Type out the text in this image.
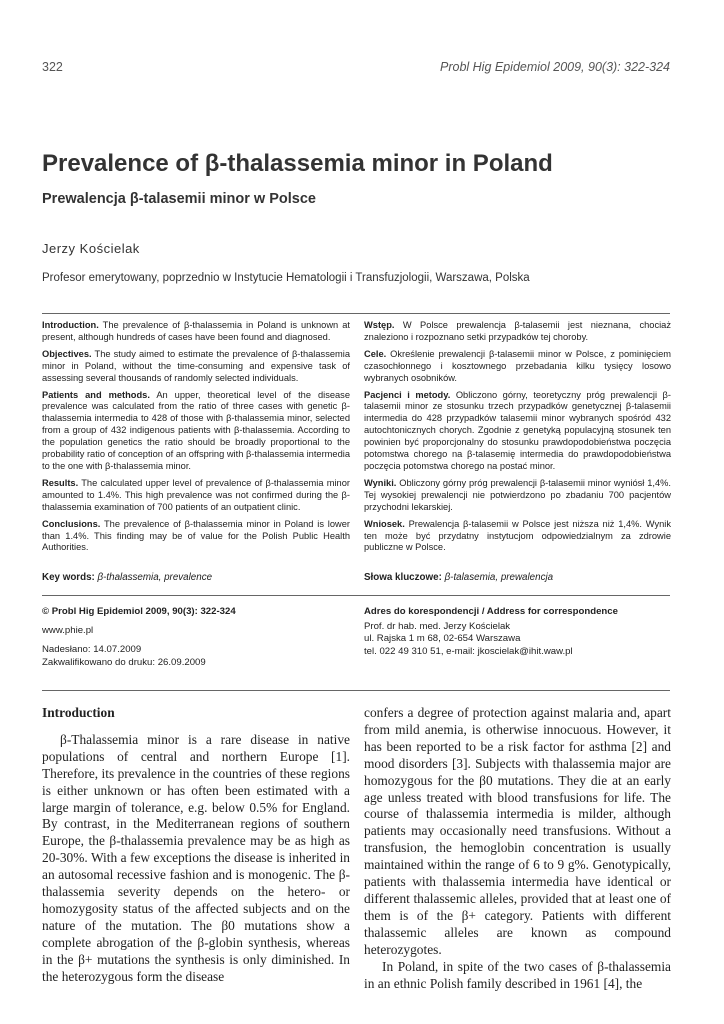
322	Probl Hig Epidemiol 2009, 90(3): 322-324
Prevalence of β-thalassemia minor in Poland
Prewalencja β-talasemii minor w Polsce
Jerzy Kościelak
Profesor emerytowany, poprzednio w Instytucie Hematologii i Transfuzjologii, Warszawa, Polska

Introduction. The prevalence of β-thalassemia in Poland is unknown at present, although hundreds of cases have been found and diagnosed.

Objectives. The study aimed to estimate the prevalence of β-thalassemia minor in Poland, without the time-consuming and expensive task of assessing several thousands of randomly selected individuals.

Patients and methods. An upper, theoretical level of the disease prevalence was calculated from the ratio of three cases with genetic β-thalassemia intermedia to 428 of those with β-thalassemia minor, selected from a group of 432 indigenous patients with β-thalassemia. According to the population genetics the ratio should be broadly proportional to the probability ratio of conception of an offspring with β-thalassemia intermedia to the one with β-thalassemia minor.

Results. The calculated upper level of prevalence of β-thalassemia minor amounted to 1.4%. This high prevalence was not confirmed during the β-thalassemia examination of 700 patients of an outpatient clinic.

Conclusions. The prevalence of β-thalassemia minor in Poland is lower than 1.4%. This finding may be of value for the Polish Public Health Authorities.

Key words: β-thalassemia, prevalence

Wstęp. W Polsce prewalencja β-talasemii jest nieznana, chociaż znaleziono i rozpoznano setki przypadków tej choroby.

Cele. Określenie prewalencji β-talasemii minor w Polsce, z pominięciem czasochłonnego i kosztownego przebadania kilku tysięcy losowo wybranych osobników.

Pacjenci i metody. Obliczono górny, teoretyczny próg prewalencji β-talasemii minor ze stosunku trzech przypadków genetycznej β-talasemii intermedia do 428 przypadków talasemii minor wybranych spośród 432 autochtonicznych chorych. Zgodnie z genetyką populacyjną stosunek ten powinien być proporcjonalny do stosunku prawdopodobieństwa poczęcia potomstwa chorego na β-talasemię intermedia do prawdopodobieństwa poczęcia potomstwa chorego na postać minor.

Wyniki. Obliczony górny próg prewalencji β-talasemii minor wyniósł 1,4%. Tej wysokiej prewalencji nie potwierdzono po zbadaniu 700 pacjentów przychodni lekarskiej.

Wniosek. Prewalencja β-talasemii w Polsce jest niższa niż 1,4%. Wynik ten może być przydatny instytucjom odpowiedzialnym za zdrowie publiczne w Polsce.

Słowa kluczowe: β-talasemia, prewalencja

© Probl Hig Epidemiol 2009, 90(3): 322-324

www.phie.pl

Nadesłano: 14.07.2009
Zakwalifikowano do druku: 26.09.2009
Adres do korespondencji / Address for correspondence
Prof. dr hab. med. Jerzy Kościelak
ul. Rajska 1 m 68, 02-654 Warszawa
tel. 022 49 310 51, e-mail: jkoscielak@ihit.waw.pl

Introduction

β-Thalassemia minor is a rare disease in native populations of central and northern Europe [1]. Therefore, its prevalence in the countries of these regions is either unknown or has often been estimated with a large margin of tolerance, e.g. below 0.5% for England. By contrast, in the Mediterranean regions of southern Europe, the β-thalassemia prevalence may be as high as 20-30%. With a few exceptions the disease is inherited in an autosomal recessive fashion and is monogenic. The β-thalassemia severity depends on the hetero- or homozygosity status of the affected subjects and on the nature of the mutation. The β0 mutations show a complete abrogation of the β-globin synthesis, whereas in the β+ mutations the synthesis is only diminished. In the heterozygous form the disease

confers a degree of protection against malaria and, apart from mild anemia, is otherwise innocuous. However, it has been reported to be a risk factor for asthma [2] and mood disorders [3]. Subjects with thalassemia major are homozygous for the β0 mutations. They die at an early age unless treated with blood transfusions for life. The course of thalassemia intermedia is milder, although patients may occasionally need transfusions. Without a transfusion, the hemoglobin concentration is usually maintained within the range of 6 to 9 g%. Genotypically, patients with thalassemia intermedia have identical or different thalassemic alleles, provided that at least one of them is of the β+ category. Patients with different thalassemic alleles are known as compound heterozygotes.

In Poland, in spite of the two cases of β-thalassemia in an ethnic Polish family described in 1961 [4], the
